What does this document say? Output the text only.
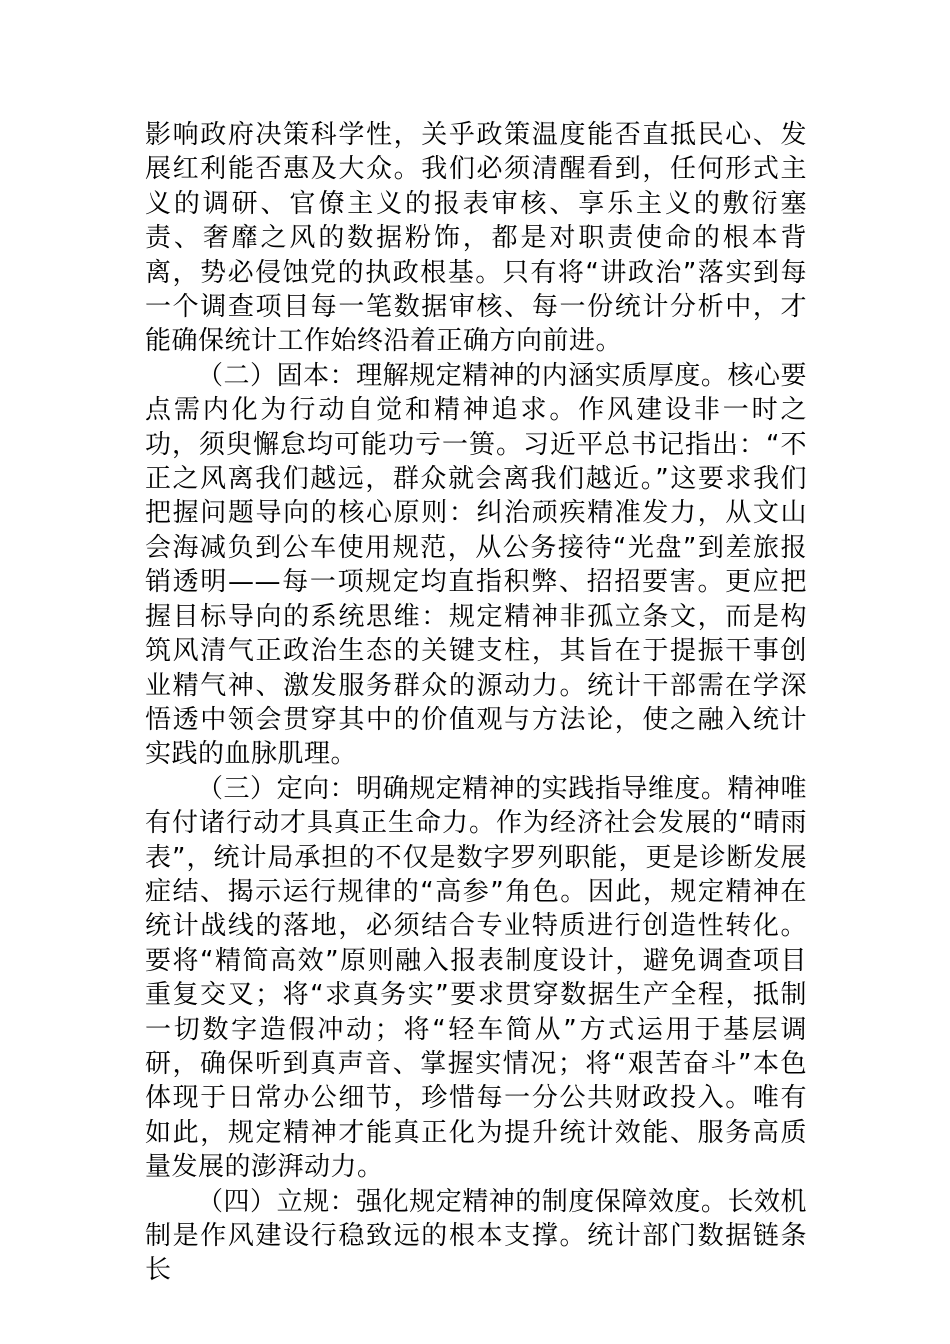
影响政府决策科学性，关乎政策温度能否直抵民心、发展红利能否惠及大众。我们必须清醒看到，任何形式主义的调研、官僚主义的报表审核、享乐主义的敷衍塞责、奢靡之风的数据粉饰，都是对职责使命的根本背离，势必侵蚀党的执政根基。只有将“讲政治”落实到每一个调查项目每一笔数据审核、每一份统计分析中，才能确保统计工作始终沿着正确方向前进。

（二）固本：理解规定精神的内涵实质厚度。核心要点需内化为行动自觉和精神追求。作风建设非一时之功，须臾懈怠均可能功亏一篑。习近平总书记指出：“不正之风离我们越远，群众就会离我们越近。”这要求我们把握问题导向的核心原则：纠治顽疾精准发力，从文山会海减负到公车使用规范，从公务接待“光盘”到差旅报销透明——每一项规定均直指积弊、招招要害。更应把握目标导向的系统思维：规定精神非孤立条文，而是构筑风清气正政治生态的关键支柱，其旨在于提振干事创业精气神、激发服务群众的源动力。统计干部需在学深悟透中领会贯穿其中的价值观与方法论，使之融入统计实践的血脉肌理。

（三）定向：明确规定精神的实践指导维度。精神唯有付诸行动才具真正生命力。作为经济社会发展的“晴雨表”，统计局承担的不仅是数字罗列职能，更是诊断发展症结、揭示运行规律的“高参”角色。因此，规定精神在统计战线的落地，必须结合专业特质进行创造性转化。要将“精简高效”原则融入报表制度设计，避免调查项目重复交叉；将“求真务实”要求贯穿数据生产全程，抵制一切数字造假冲动；将“轻车简从”方式运用于基层调研，确保听到真声音、掌握实情况；将“艰苦奋斗”本色体现于日常办公细节，珍惜每一分公共财政投入。唯有如此，规定精神才能真正化为提升统计效能、服务高质量发展的澎湃动力。

（四）立规：强化规定精神的制度保障效度。长效机制是作风建设行稳致远的根本支撑。统计部门数据链条长
